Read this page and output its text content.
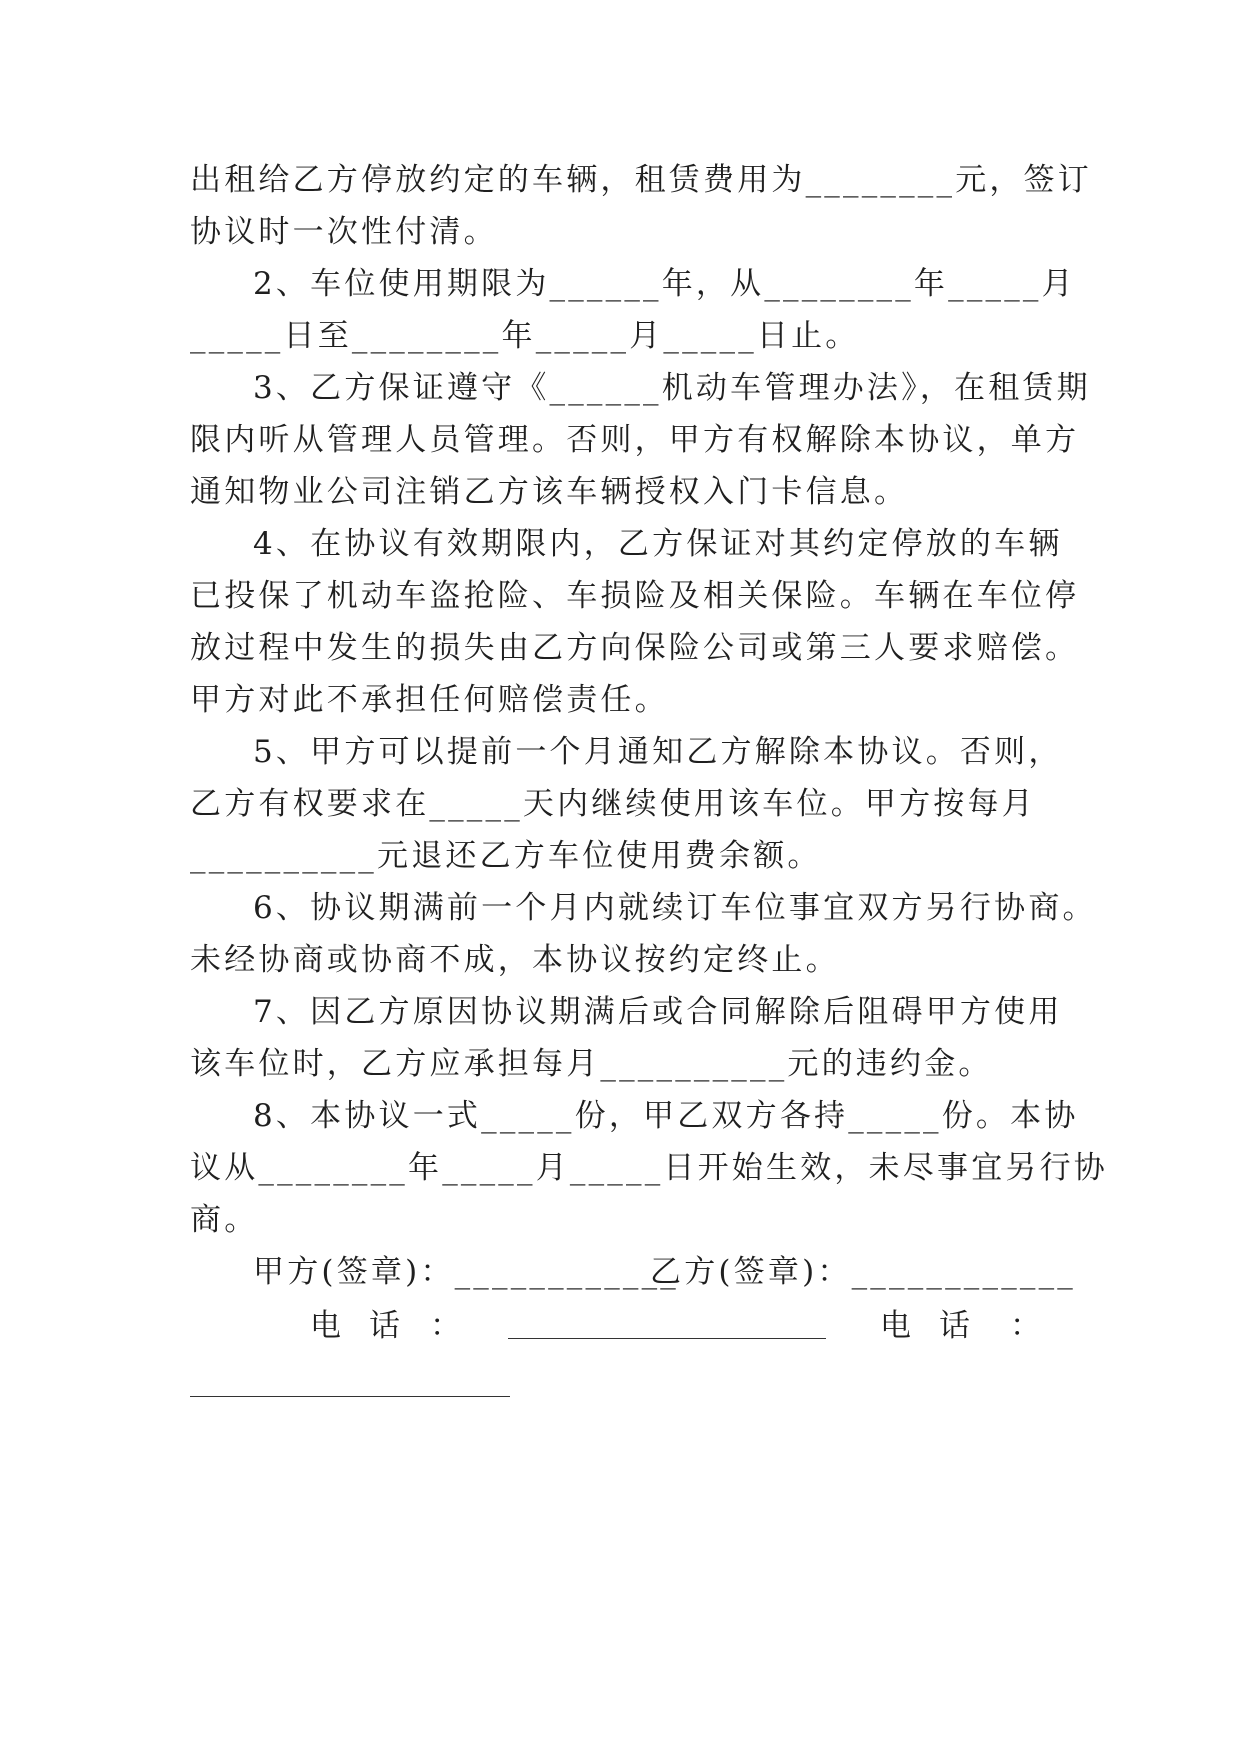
出租给乙方停放约定的车辆，租赁费用为________元，签订
协议时一次性付清。
2、车位使用期限为______年，从________年_____月
_____日至________年_____月_____日止。
3、乙方保证遵守《______机动车管理办法》，在租赁期
限内听从管理人员管理。否则，甲方有权解除本协议，单方
通知物业公司注销乙方该车辆授权入门卡信息。
4、在协议有效期限内，乙方保证对其约定停放的车辆
已投保了机动车盗抢险、车损险及相关保险。车辆在车位停
放过程中发生的损失由乙方向保险公司或第三人要求赔偿。
甲方对此不承担任何赔偿责任。
5、甲方可以提前一个月通知乙方解除本协议。否则，
乙方有权要求在_____天内继续使用该车位。甲方按每月
__________元退还乙方车位使用费余额。
6、协议期满前一个月内就续订车位事宜双方另行协商。
未经协商或协商不成，本协议按约定终止。
7、因乙方原因协议期满后或合同解除后阻碍甲方使用
该车位时，乙方应承担每月__________元的违约金。
8、本协议一式_____份，甲乙双方各持_____份。本协
议从________年_____月_____日开始生效，未尽事宜另行协
商。
甲方(签章)：____________
乙方(签章)：____________
电话 ：	电话 ：
